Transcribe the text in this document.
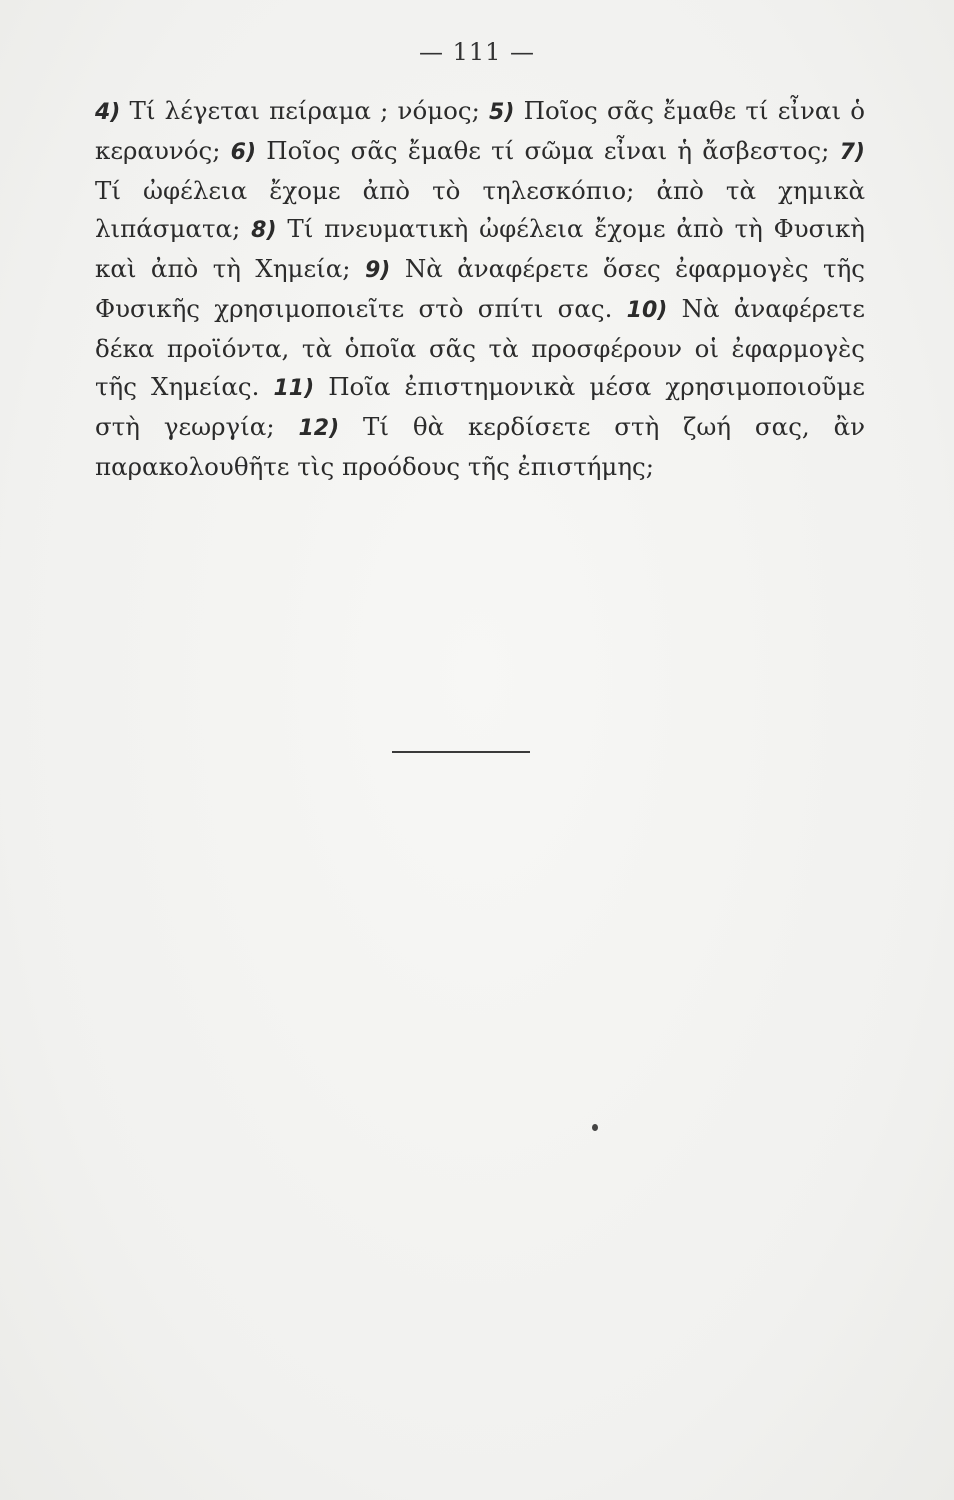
— 111 —
4) Τί λέγεται πείραμα ; νόμος; 5) Ποῖος σᾶς ἔμαθε τί εἶναι ὁ κεραυνός; 6) Ποῖος σᾶς ἔμαθε τί σῶμα εἶναι ἡ ἄσβεστος; 7) Τί ὠφέλεια ἔχομε ἀπὸ τὸ τηλεσκόπιο; ἀπὸ τὰ χημικὰ λιπάσματα; 8) Τί πνευματικὴ ὠφέλεια ἔχομε ἀπὸ τὴ Φυσικὴ καὶ ἀπὸ τὴ Χημεία; 9) Νὰ ἀναφέρετε ὅσες ἐφαρμογὲς τῆς Φυσικῆς χρησιμοποιεῖτε στὸ σπίτι σας. 10) Νὰ ἀναφέρετε δέκα προϊόντα, τὰ ὁποῖα σᾶς τὰ προσφέρουν οἱ ἐφαρμογὲς τῆς Χημείας. 11) Ποῖα ἐπιστημονικὰ μέσα χρησιμοποιοῦμε στὴ γεωργία; 12) Τί θὰ κερδίσετε στὴ ζωή σας, ἂν παρακολουθῆτε τὶς προόδους τῆς ἐπιστήμης;
